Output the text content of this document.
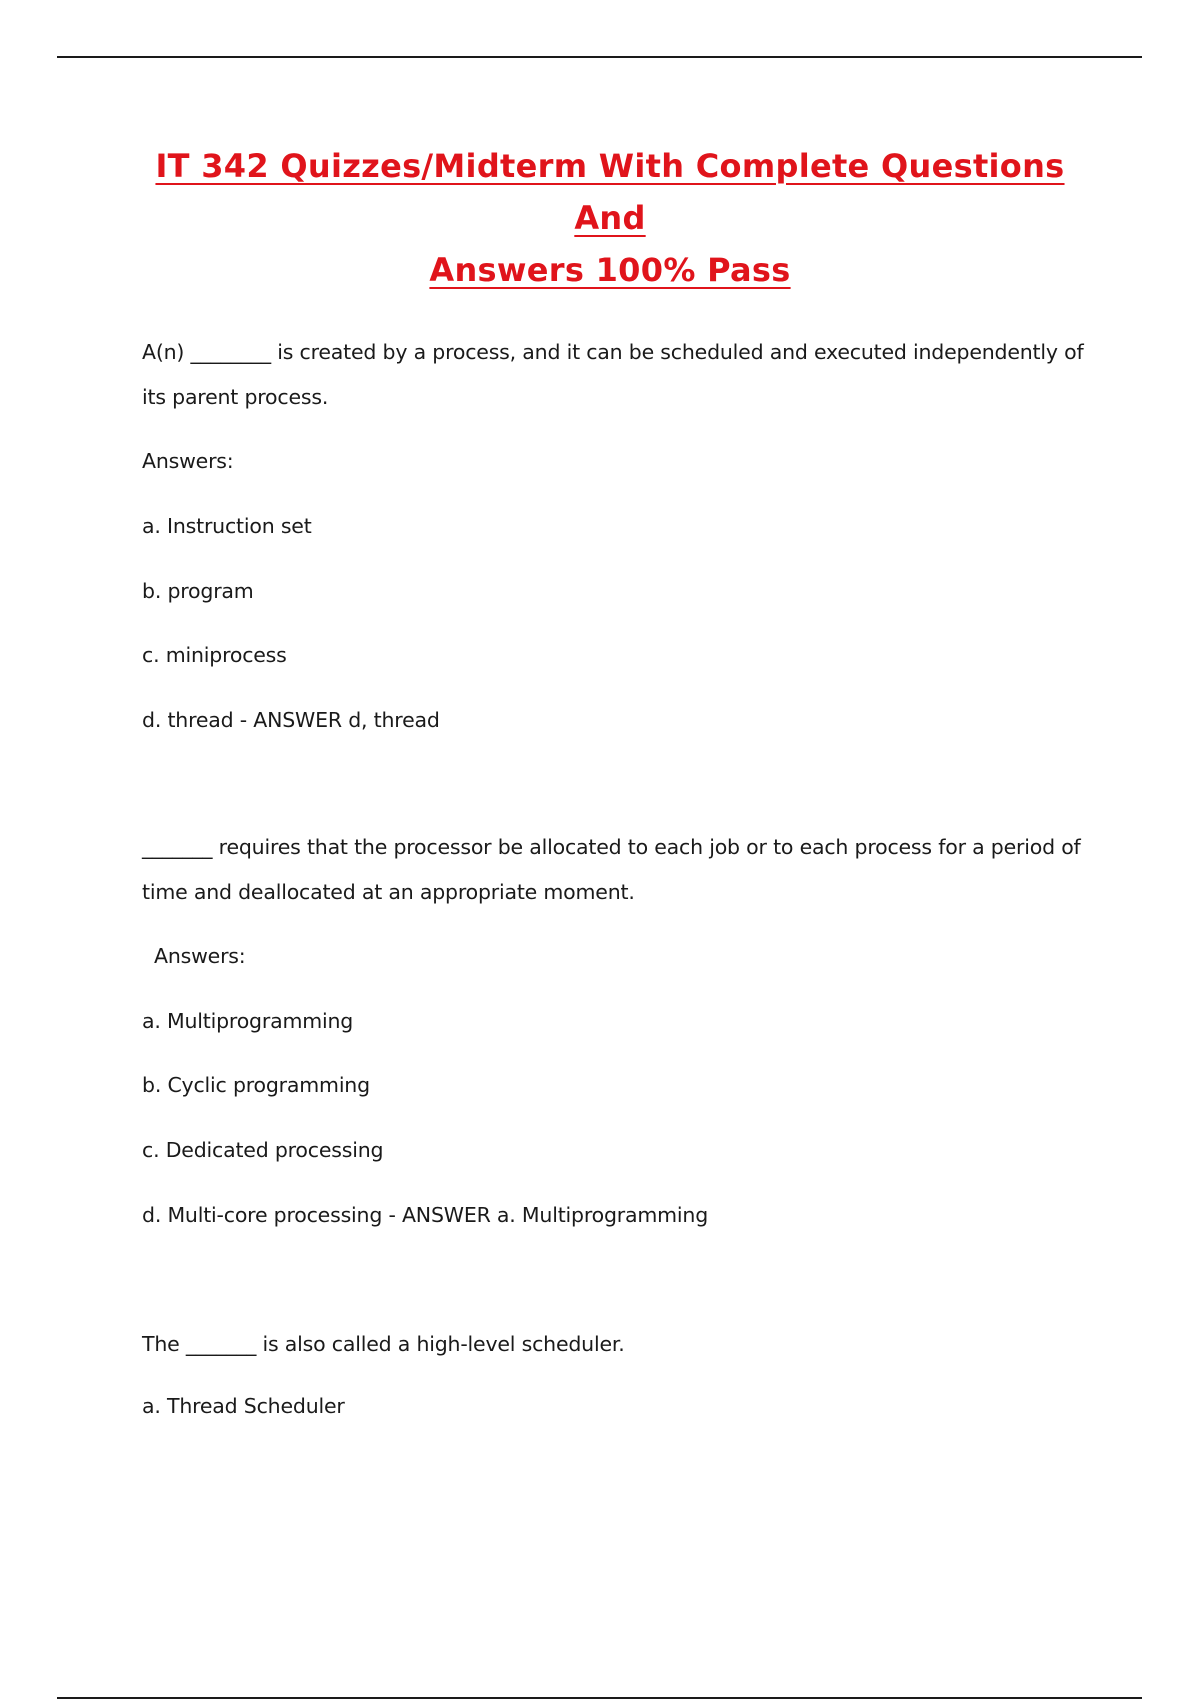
IT 342 Quizzes/Midterm With Complete Questions And
Answers 100% Pass
A(n) ________ is created by a process, and it can be scheduled and executed independently of
its parent process.
Answers:
a. Instruction set
b. program
c. miniprocess
d. thread - ANSWER d, thread
_______ requires that the processor be allocated to each job or to each process for a period of
time and deallocated at an appropriate moment.
Answers:
a. Multiprogramming
b. Cyclic programming
c. Dedicated processing
d. Multi-core processing - ANSWER a. Multiprogramming
The _______ is also called a high-level scheduler.
a. Thread Scheduler
